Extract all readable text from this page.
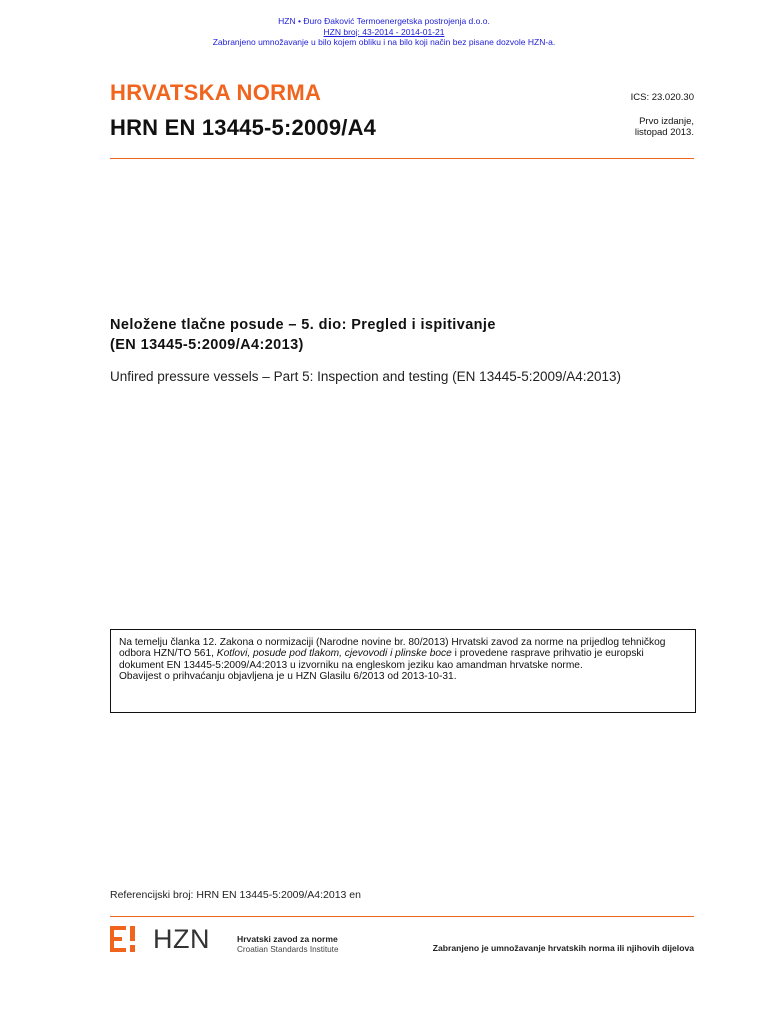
HZN • Đuro Đaković Termoenergetska postrojenja d.o.o.
HZN broj: 43-2014 - 2014-01-21
Zabranjeno umnožavanje u bilo kojem obliku i na bilo koji način bez pisane dozvole HZN-a.
HRVATSKA NORMA
HRN EN 13445-5:2009/A4
ICS: 23.020.30
Prvo izdanje,
listopad 2013.
Neložene tlačne posude – 5. dio: Pregled i ispitivanje
(EN 13445-5:2009/A4:2013)
Unfired pressure vessels – Part 5: Inspection and testing (EN 13445-5:2009/A4:2013)
Na temelju članka 12. Zakona o normizaciji (Narodne novine br. 80/2013) Hrvatski zavod za norme na prijedlog tehničkog odbora HZN/TO 561, Kotlovi, posude pod tlakom, cjevovodi i plinske boce i provedene rasprave prihvatio je europski dokument EN 13445-5:2009/A4:2013 u izvorniku na engleskom jeziku kao amandman hrvatske norme.
Obavijest o prihvaćanju objavljena je u HZN Glasilu 6/2013 od 2013-10-31.
Referencijski broj: HRN EN 13445-5:2009/A4:2013 en
HZN	Hrvatski zavod za norme
Croatian Standards Institute	Zabranjeno je umnožavanje hrvatskih norma ili njihovih dijelova
